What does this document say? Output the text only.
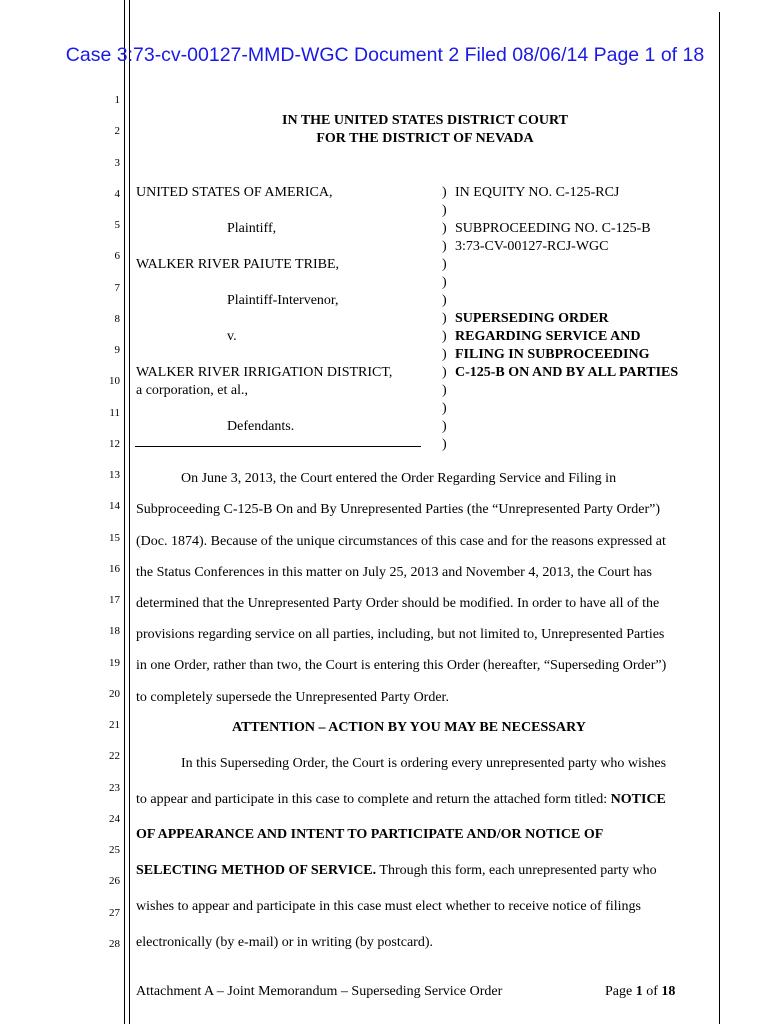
Case 3:73-cv-00127-MMD-WGC Document 2 Filed 08/06/14 Page 1 of 18
1
2
3
4
5
6
7
8
9
10
11
12
13
14
15
16
17
18
19
20
21
22
23
24
25
26
27
28
IN THE UNITED STATES DISTRICT COURT
FOR THE DISTRICT OF NEVADA
UNITED STATES OF AMERICA,
Plaintiff,
WALKER RIVER PAIUTE TRIBE,
Plaintiff-Intervenor,
v.
WALKER RIVER IRRIGATION DISTRICT,
a corporation, et al.,
Defendants.
)
)
)
)
)
)
)
)
)
)
)
)
)
)
)
IN EQUITY NO. C-125-RCJ
SUBPROCEEDING NO. C-125-B
3:73-CV-00127-RCJ-WGC
SUPERSEDING ORDER
REGARDING SERVICE AND
FILING IN SUBPROCEEDING
C-125-B ON AND BY ALL PARTIES
On June 3, 2013, the Court entered the Order Regarding Service and Filing in
Subproceeding C-125-B On and By Unrepresented Parties (the “Unrepresented Party Order”)
(Doc. 1874). Because of the unique circumstances of this case and for the reasons expressed at
the Status Conferences in this matter on July 25, 2013 and November 4, 2013, the Court has
determined that the Unrepresented Party Order should be modified. In order to have all of the
provisions regarding service on all parties, including, but not limited to, Unrepresented Parties
in one Order, rather than two, the Court is entering this Order (hereafter, “Superseding Order”)
to completely supersede the Unrepresented Party Order.
ATTENTION – ACTION BY YOU MAY BE NECESSARY
In this Superseding Order, the Court is ordering every unrepresented party who wishes
to appear and participate in this case to complete and return the attached form titled: NOTICE
OF APPEARANCE AND INTENT TO PARTICIPATE AND/OR NOTICE OF
SELECTING METHOD OF SERVICE. Through this form, each unrepresented party who
wishes to appear and participate in this case must elect whether to receive notice of filings
electronically (by e-mail) or in writing (by postcard).
Attachment A – Joint Memorandum – Superseding Service Order	Page 1 of 18
